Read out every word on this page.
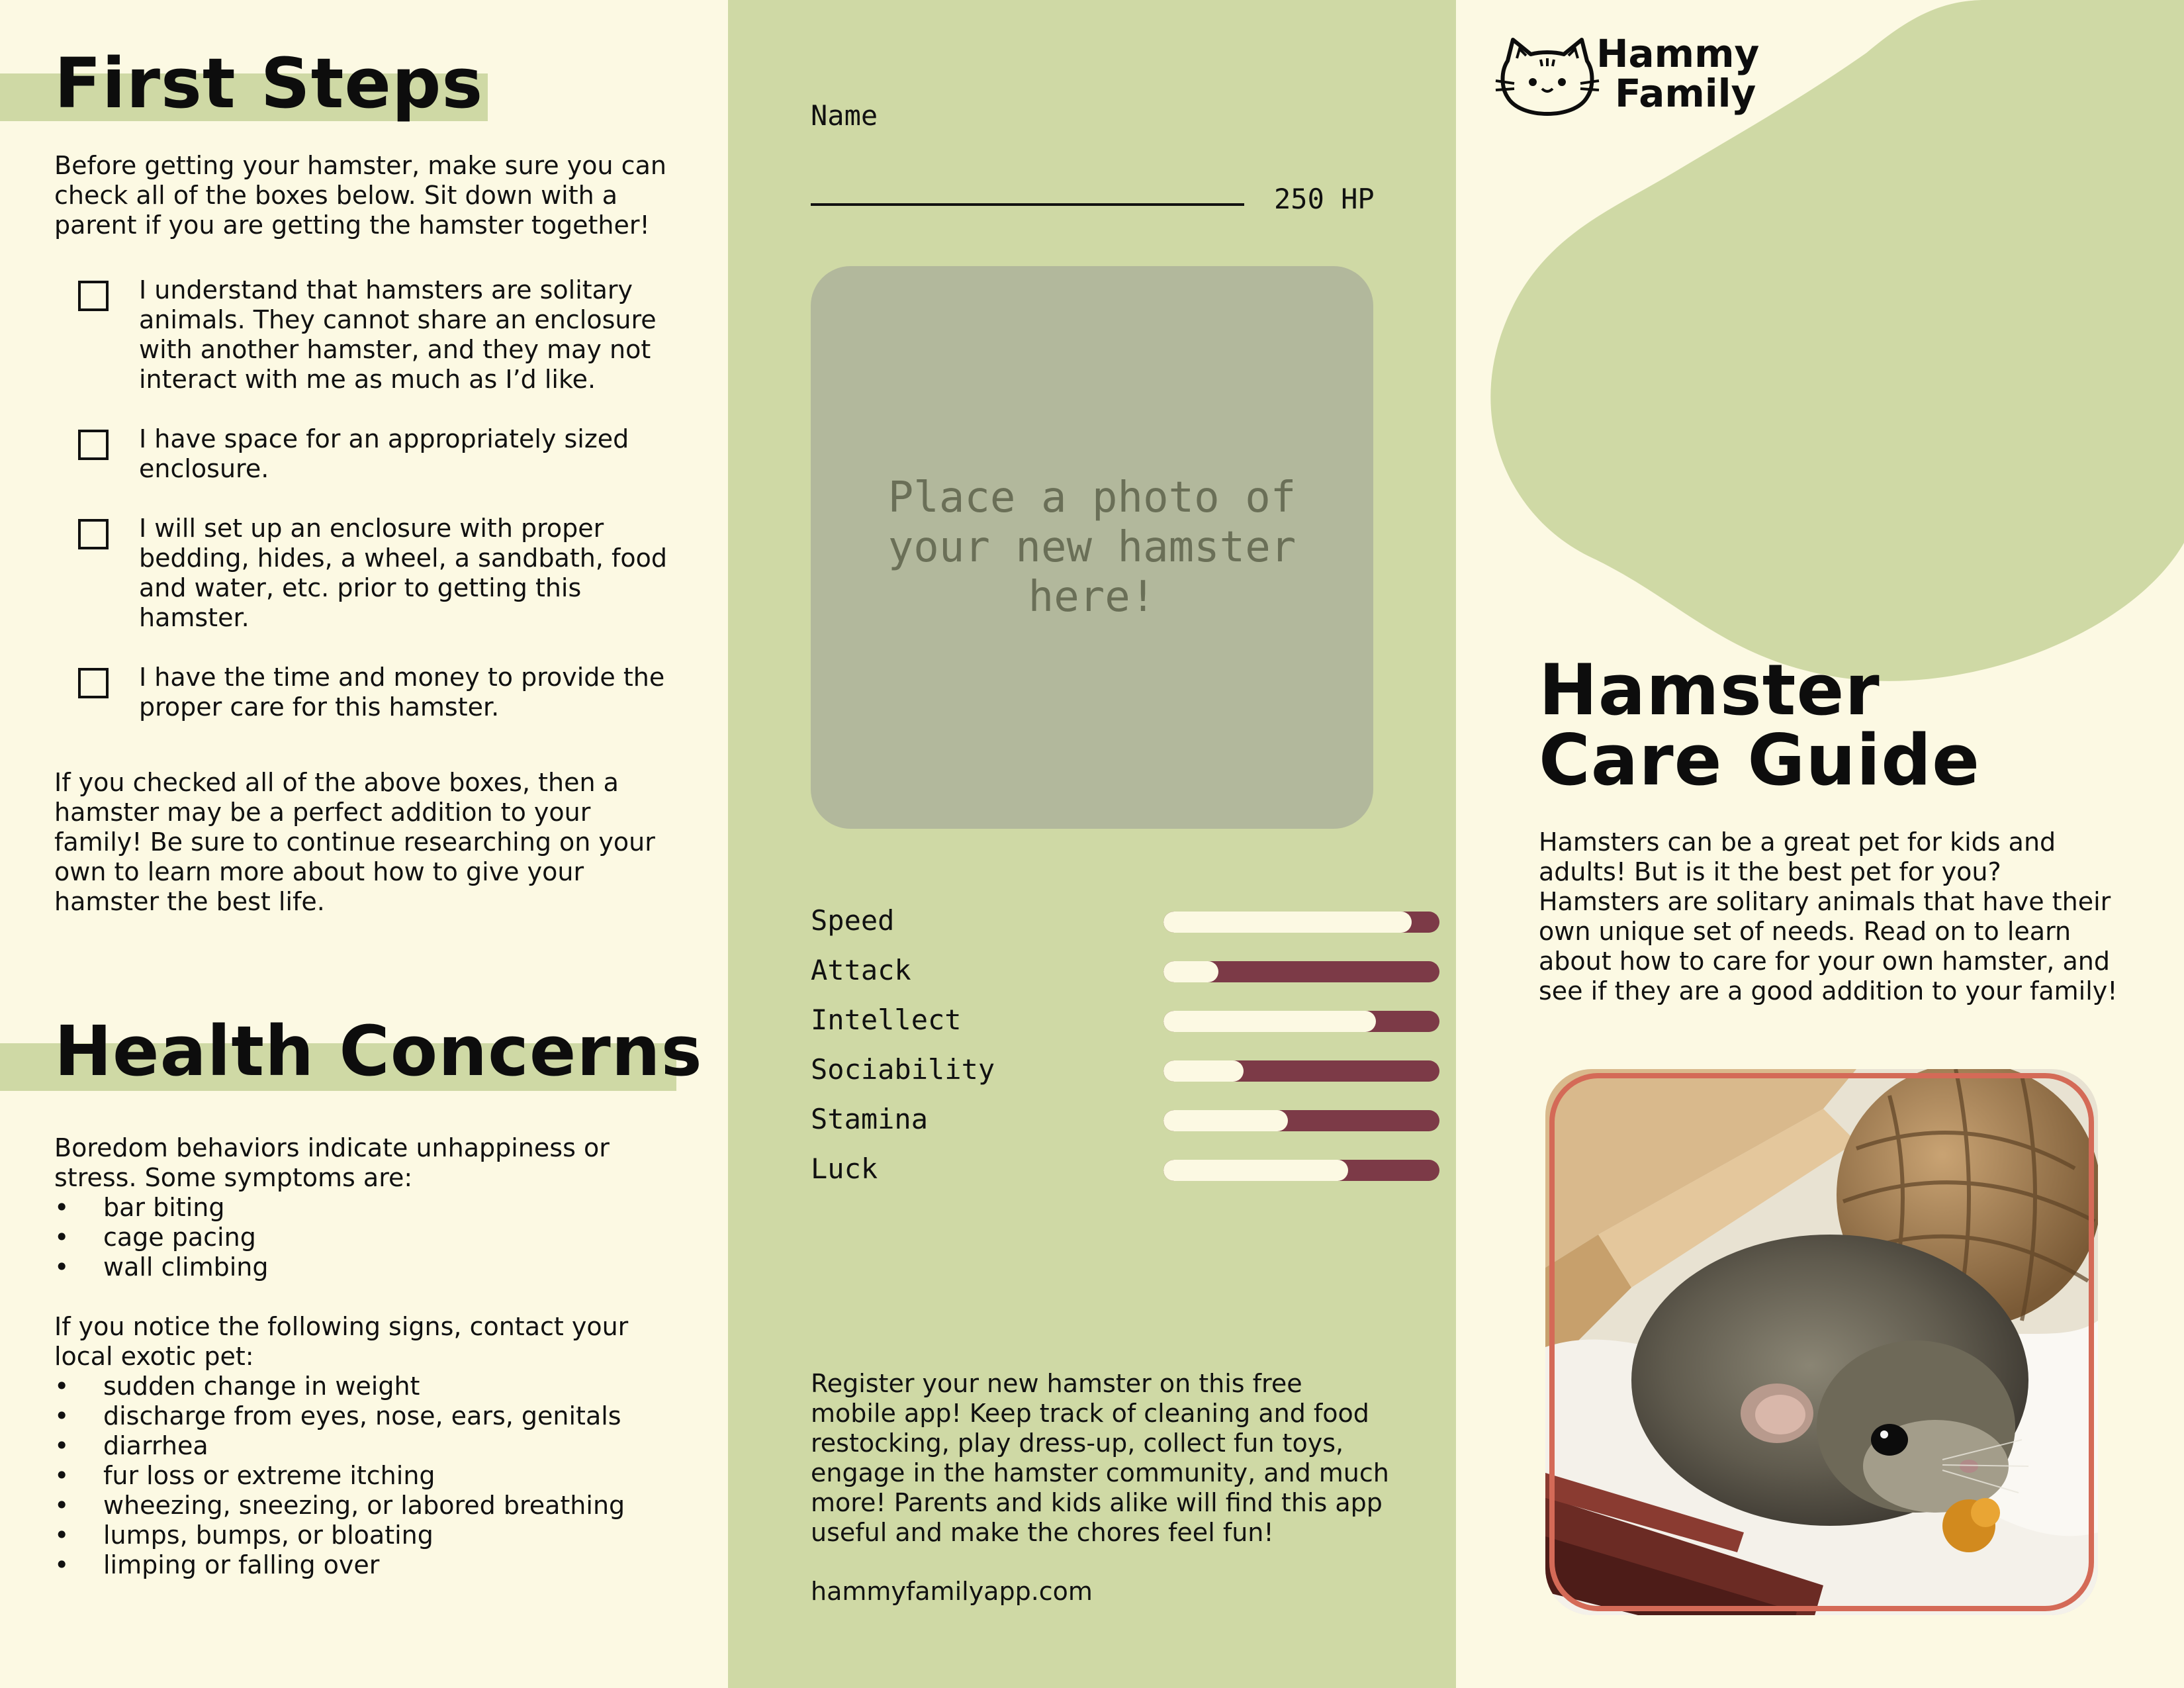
First Steps

Before getting your hamster, make sure you can check all of the boxes below. Sit down with a parent if you are getting the hamster together!

I understand that hamsters are solitary animals. They cannot share an enclosure with another hamster, and they may not interact with me as much as I’d like.

I have space for an appropriately sized enclosure.

I will set up an enclosure with proper bedding, hides, a wheel, a sandbath, food and water, etc. prior to getting this hamster.

I have the time and money to provide the proper care for this hamster.

If you checked all of the above boxes, then a hamster may be a perfect addition to your family! Be sure to continue researching on your own to learn more about how to give your hamster the best life.

Health Concerns

Boredom behaviors indicate unhappiness or stress. Some symptoms are:

• bar biting
• cage pacing
• wall climbing

If you notice the following signs, contact your local exotic pet:

• sudden change in weight
• discharge from eyes, nose, ears, genitals
• diarrhea
• fur loss or extreme itching
• wheezing, sneezing, or labored breathing
• lumps, bumps, or bloating
• limping or falling over
Name
250 HP
Place a photo of your new hamster here!
Speed
Attack
Intellect
Sociability
Stamina
Luck

Register your new hamster on this free mobile app! Keep track of cleaning and food restocking, play dress-up, collect fun toys, engage in the hamster community, and much more! Parents and kids alike will find this app useful and make the chores feel fun!

hammyfamilyapp.com

Hammy
Family
Hamster
Care Guide

Hamsters can be a great pet for kids and adults! But is it the best pet for you? Hamsters are solitary animals that have their own unique set of needs. Read on to learn about how to care for your own hamster, and see if they are a good addition to your family!
